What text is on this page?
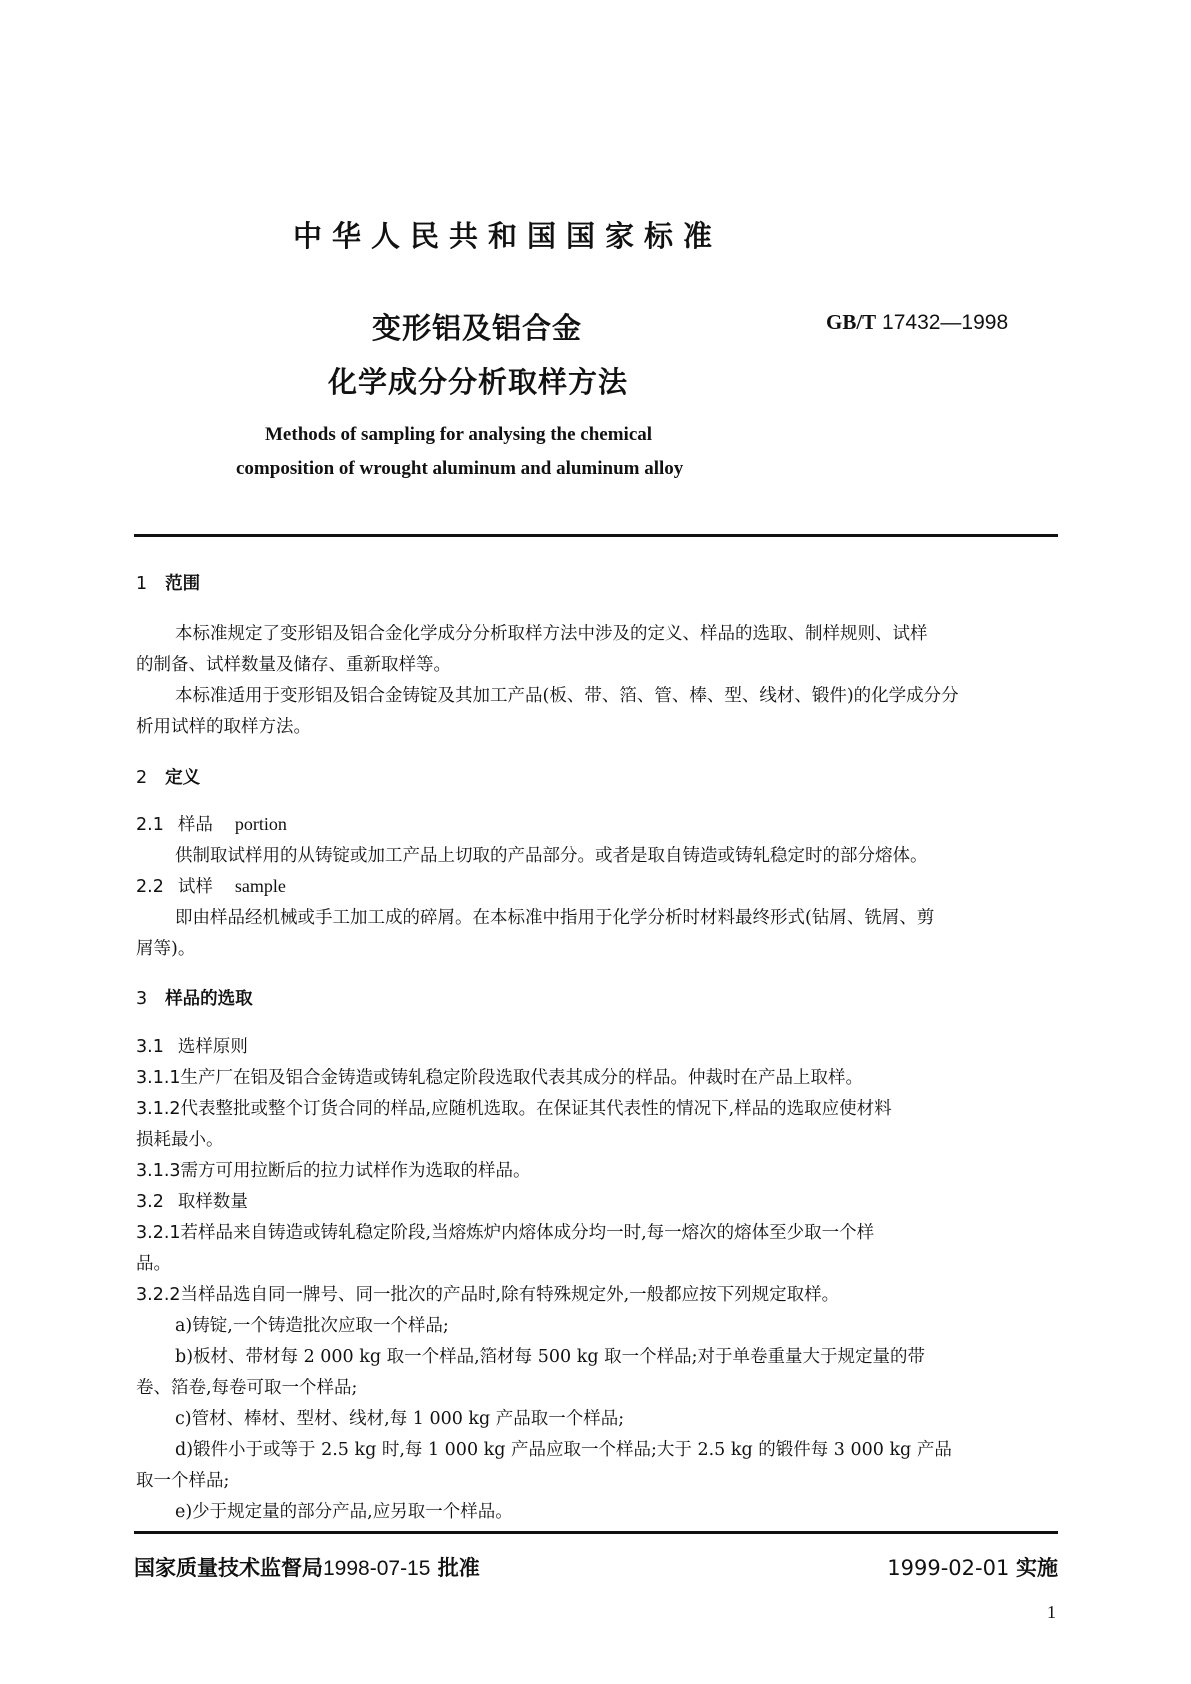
中华人民共和国国家标准
变形铝及铝合金
化学成分分析取样方法
GB/T 17432—1998
Methods of sampling for analysing the chemical
composition of wrought aluminum and aluminum alloy
1 范围
本标准规定了变形铝及铝合金化学成分分析取样方法中涉及的定义、样品的选取、制样规则、试样
的制备、试样数量及储存、重新取样等。
本标准适用于变形铝及铝合金铸锭及其加工产品(板、带、箔、管、棒、型、线材、锻件)的化学成分分
析用试样的取样方法。
2 定义
2.1 样品 portion
供制取试样用的从铸锭或加工产品上切取的产品部分。或者是取自铸造或铸轧稳定时的部分熔体。
2.2 试样 sample
即由样品经机械或手工加工成的碎屑。在本标准中指用于化学分析时材料最终形式(钻屑、铣屑、剪
屑等)。
3 样品的选取
3.1 选样原则
3.1.1生产厂在铝及铝合金铸造或铸轧稳定阶段选取代表其成分的样品。仲裁时在产品上取样。
3.1.2代表整批或整个订货合同的样品,应随机选取。在保证其代表性的情况下,样品的选取应使材料
损耗最小。
3.1.3需方可用拉断后的拉力试样作为选取的样品。
3.2 取样数量
3.2.1若样品来自铸造或铸轧稳定阶段,当熔炼炉内熔体成分均一时,每一熔次的熔体至少取一个样
品。
3.2.2当样品选自同一牌号、同一批次的产品时,除有特殊规定外,一般都应按下列规定取样。
a)铸锭,一个铸造批次应取一个样品;
b)板材、带材每 2 000 kg 取一个样品,箔材每 500 kg 取一个样品;对于单卷重量大于规定量的带
卷、箔卷,每卷可取一个样品;
c)管材、棒材、型材、线材,每 1 000 kg 产品取一个样品;
d)锻件小于或等于 2.5 kg 时,每 1 000 kg 产品应取一个样品;大于 2.5 kg 的锻件每 3 000 kg 产品
取一个样品;
e)少于规定量的部分产品,应另取一个样品。
国家质量技术监督局1998-07-15 批准	1999-02-01 实施
1
